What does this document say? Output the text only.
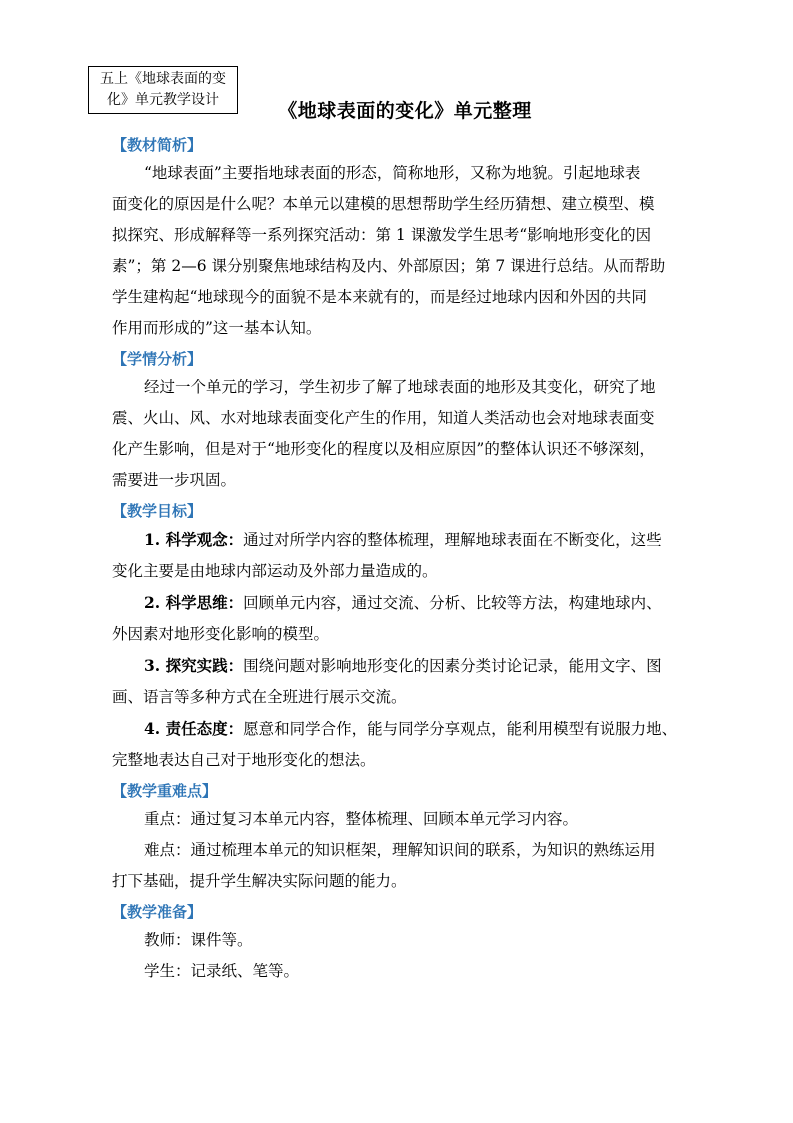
五上《地球表面的变
化》单元教学设计	《地球表面的变化》单元整理
【教材简析】
“地球表面”主要指地球表面的形态，简称地形，又称为地貌。引起地球表
面变化的原因是什么呢？本单元以建模的思想帮助学生经历猜想、建立模型、模
拟探究、形成解释等一系列探究活动：第 1 课激发学生思考“影响地形变化的因
素”；第 2—6 课分别聚焦地球结构及内、外部原因；第 7 课进行总结。从而帮助
学生建构起“地球现今的面貌不是本来就有的，而是经过地球内因和外因的共同
作用而形成的”这一基本认知。
【学情分析】
经过一个单元的学习，学生初步了解了地球表面的地形及其变化，研究了地
震、火山、风、水对地球表面变化产生的作用，知道人类活动也会对地球表面变
化产生影响，但是对于“地形变化的程度以及相应原因”的整体认识还不够深刻，
需要进一步巩固。
【教学目标】
1. 科学观念：通过对所学内容的整体梳理，理解地球表面在不断变化，这些
变化主要是由地球内部运动及外部力量造成的。
2. 科学思维：回顾单元内容，通过交流、分析、比较等方法，构建地球内、
外因素对地形变化影响的模型。
3. 探究实践：围绕问题对影响地形变化的因素分类讨论记录，能用文字、图
画、语言等多种方式在全班进行展示交流。
4. 责任态度：愿意和同学合作，能与同学分享观点，能利用模型有说服力地、
完整地表达自己对于地形变化的想法。
【教学重难点】
重点：通过复习本单元内容，整体梳理、回顾本单元学习内容。
难点：通过梳理本单元的知识框架，理解知识间的联系，为知识的熟练运用
打下基础，提升学生解决实际问题的能力。
【教学准备】
教师：课件等。
学生：记录纸、笔等。
